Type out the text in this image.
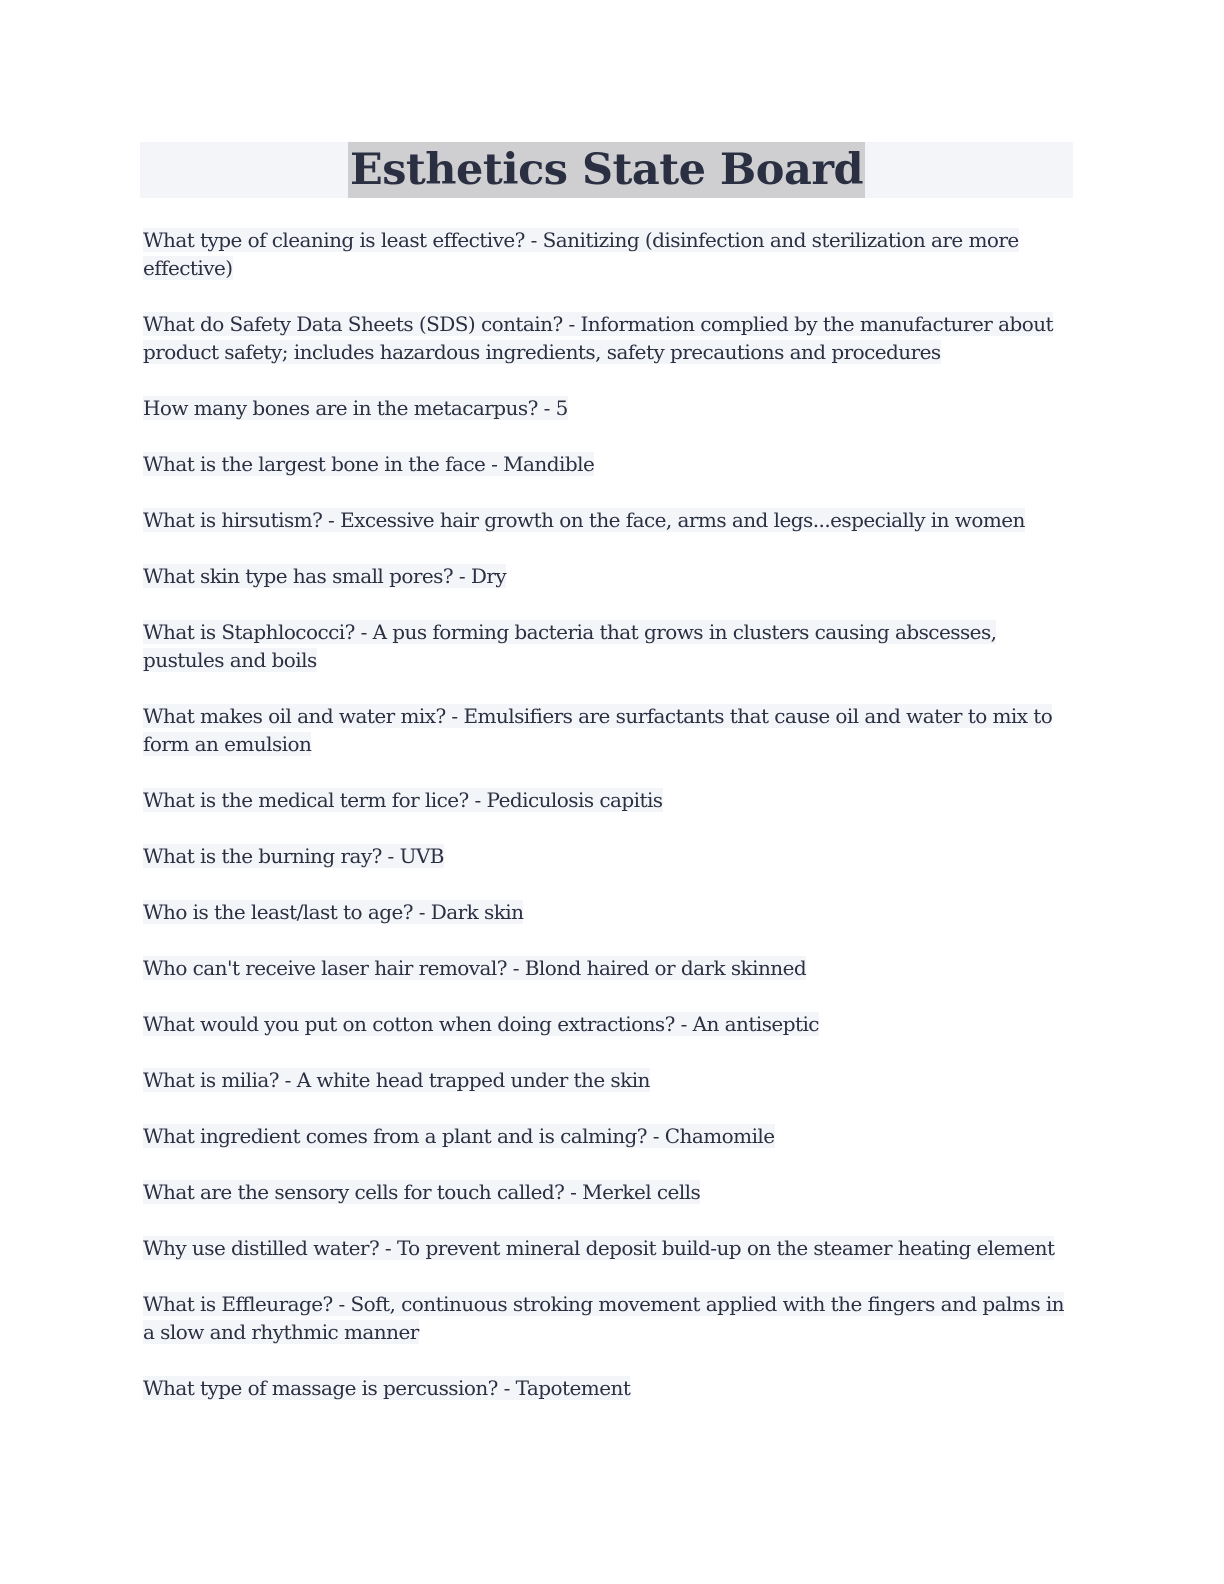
Esthetics State Board

What type of cleaning is least effective? - Sanitizing (disinfection and sterilization are more effective)

What do Safety Data Sheets (SDS) contain? - Information complied by the manufacturer about product safety; includes hazardous ingredients, safety precautions and procedures

How many bones are in the metacarpus? - 5

What is the largest bone in the face - Mandible

What is hirsutism? - Excessive hair growth on the face, arms and legs...especially in women

What skin type has small pores? - Dry

What is Staphlococci? - A pus forming bacteria that grows in clusters causing abscesses, pustules and boils

What makes oil and water mix? - Emulsifiers are surfactants that cause oil and water to mix to form an emulsion

What is the medical term for lice? - Pediculosis capitis

What is the burning ray? - UVB

Who is the least/last to age? - Dark skin

Who can't receive laser hair removal? - Blond haired or dark skinned

What would you put on cotton when doing extractions? - An antiseptic

What is milia? - A white head trapped under the skin

What ingredient comes from a plant and is calming? - Chamomile

What are the sensory cells for touch called? - Merkel cells

Why use distilled water? - To prevent mineral deposit build-up on the steamer heating element

What is Effleurage? - Soft, continuous stroking movement applied with the fingers and palms in a slow and rhythmic manner

What type of massage is percussion? - Tapotement
